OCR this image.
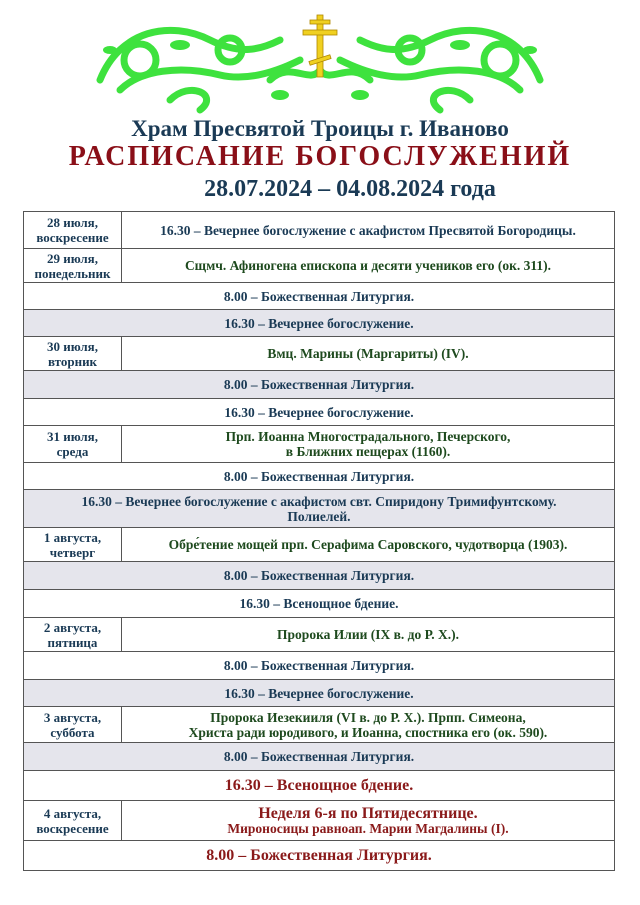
Храм Пресвятой Троицы г. Иваново
РАСПИСАНИЕ БОГОСЛУЖЕНИЙ
28.07.2024 – 04.08.2024 года
28 июля,
воскресение	16.30 – Вечернее богослужение с акафистом Пресвятой Богородицы.
29 июля,
понедельник	Сщмч. Афиногена епископа и десяти учеников его (ок. 311).
8.00 – Божественная Литургия.	
16.30 – Вечернее богослужение.	
30 июля,
вторник	Вмц. Марины (Маргариты) (IV).
8.00 – Божественная Литургия.	
16.30 – Вечернее богослужение.	
31 июля,
среда	Прп. Иоанна Многострадального, Печерского,
в Ближних пещерах (1160).
8.00 – Божественная Литургия.	
16.30 – Вечернее богослужение с акафистом свт. Спиридону Тримифунтскому.
Полиелей.	
1 августа,
четверг	Обре́тение мощей прп. Серафима Саровского, чудотворца (1903).
8.00 – Божественная Литургия.	
16.30 – Всенощное бдение.	
2 августа,
пятница	Пророка Илии (IX в. до Р. Х.).
8.00 – Божественная Литургия.	
16.30 – Вечернее богослужение.	
3 августа,
суббота	Пророка Иезекииля (VI в. до Р. Х.). Прпп. Симеона,
Христа ради юродивого, и Иоанна, спостника его (ок. 590).
8.00 – Божественная Литургия.	
16.30 – Всенощное бдение.	
4 августа,
воскресение	Неделя 6-я по Пятидесятнице.
Мироносицы равноап. Марии Магдалины (I).
8.00 – Божественная Литургия.	
